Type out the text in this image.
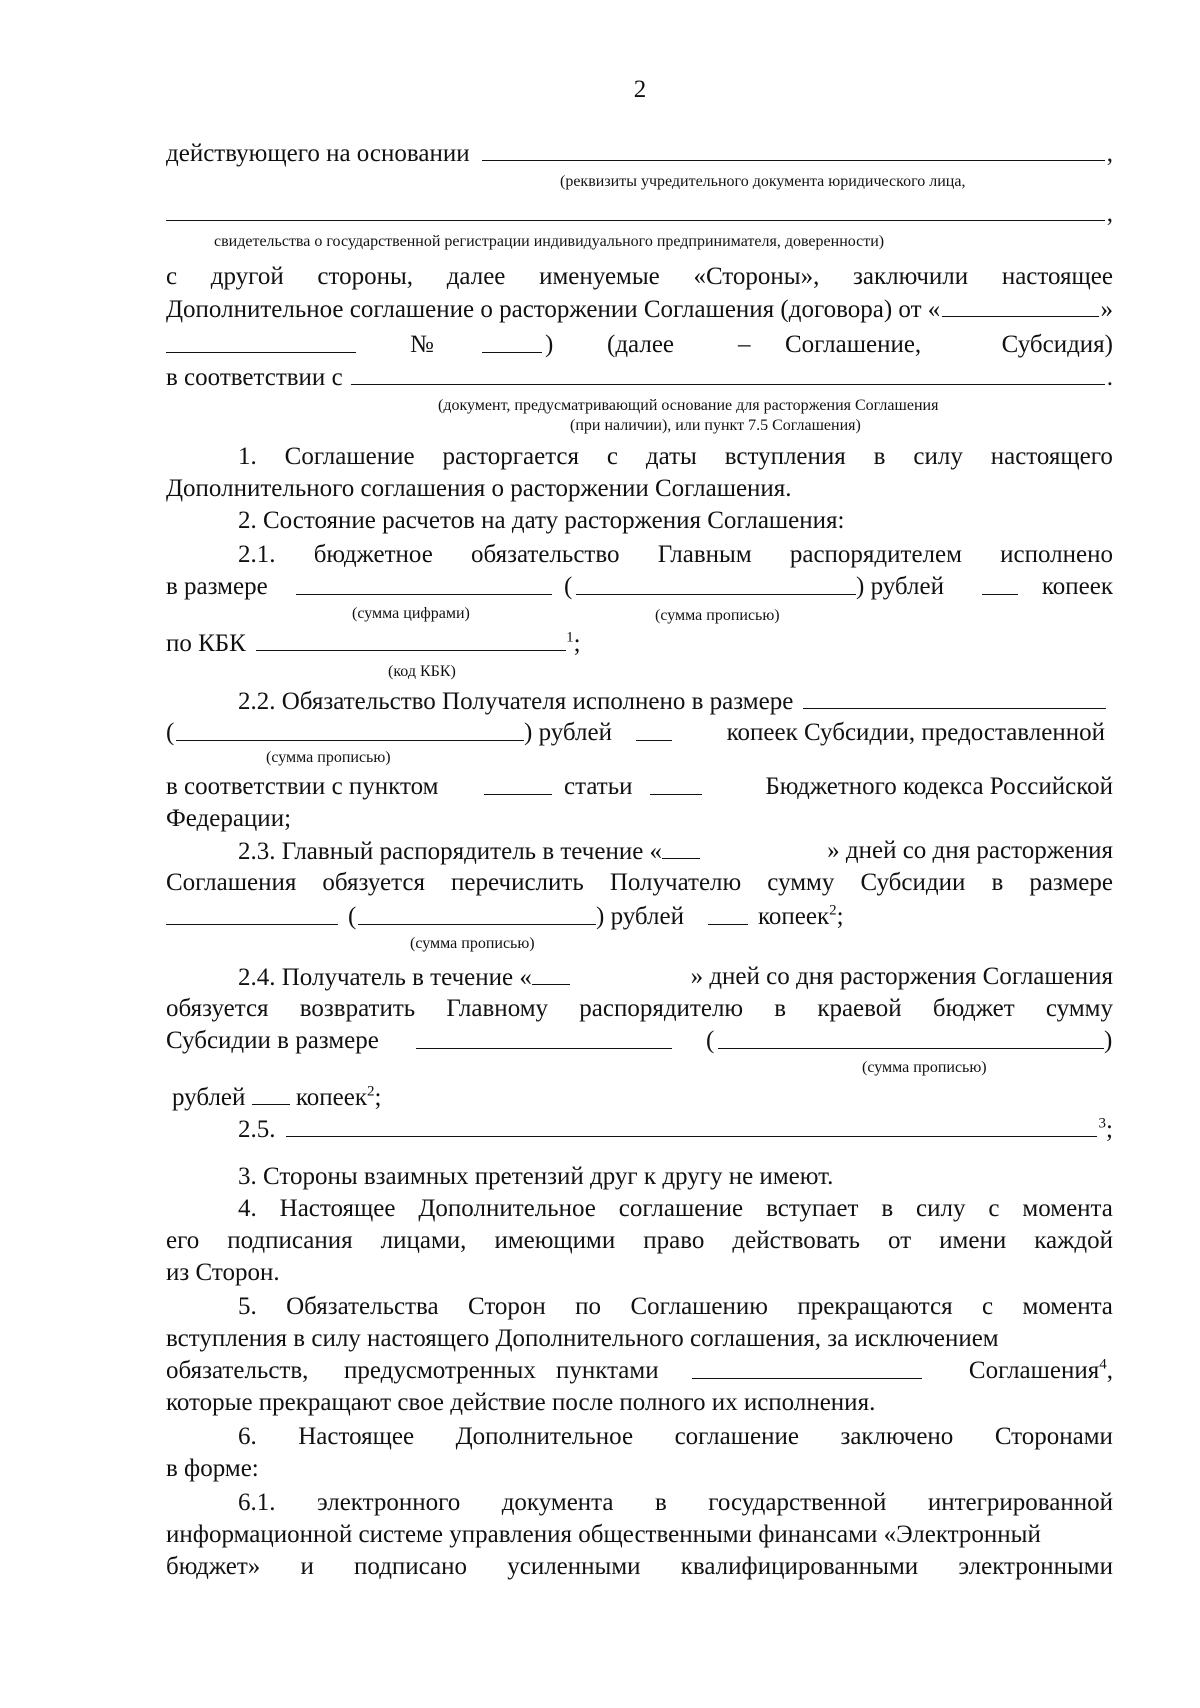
2
действующего на основании	,
(реквизиты учредительного документа юридического лица,
,
свидетельства о государственной регистрации индивидуального предпринимателя, доверенности)
с другой стороны, далее именуемые «Стороны», заключили настоящее
Дополнительное соглашение о расторжении Соглашения (договора) от «	»
№	) (далее	– Соглашение,	Субсидия)
в соответствии с	.
(документ, предусматривающий основание для расторжения Соглашения
(при наличии), или пункт 7.5 Соглашения)
1. Соглашение расторгается с даты вступления в силу настоящего
Дополнительного соглашения о расторжении Соглашения.
2. Состояние расчетов на дату расторжения Соглашения:
2.1. бюджетное обязательство Главным распорядителем исполнено
в размере	(	) рублей	копеек
(сумма цифрами)	(сумма прописью)
по КБК	$^1$;
(код КБК)
2.2. Обязательство Получателя исполнено в размере
(	) рублей	копеек Субсидии, предоставленной
(сумма прописью)
в соответствии с пунктом	статьи	Бюджетного кодекса Российской
Федерации;
2.3. Главный распорядитель в течение «	» дней со дня расторжения
Соглашения обязуется перечислить Получателю сумму Субсидии в размере
(	) рублей	копеек$^2$;
(сумма прописью)
2.4. Получатель в течение «	» дней со дня расторжения Соглашения
обязуется возвратить Главному распорядителю в краевой бюджет сумму
Субсидии в размере	(	)
(сумма прописью)
рублей копеек$^2$;
2.5.	$^3$;
3. Стороны взаимных претензий друг к другу не имеют.
4. Настоящее Дополнительное соглашение вступает в силу с момента
его подписания лицами, имеющими право действовать от имени каждой
из Сторон.
5. Обязательства Сторон по Соглашению прекращаются с момента
вступления в силу настоящего Дополнительного соглашения, за исключением
обязательств, предусмотренных пунктами	Соглашения$^4$,
которые прекращают свое действие после полного их исполнения.
6. Настоящее Дополнительное соглашение заключено Сторонами
в форме:
6.1. электронного документа в государственной интегрированной
информационной системе управления общественными финансами «Электронный
бюджет» и подписано усиленными квалифицированными электронными
